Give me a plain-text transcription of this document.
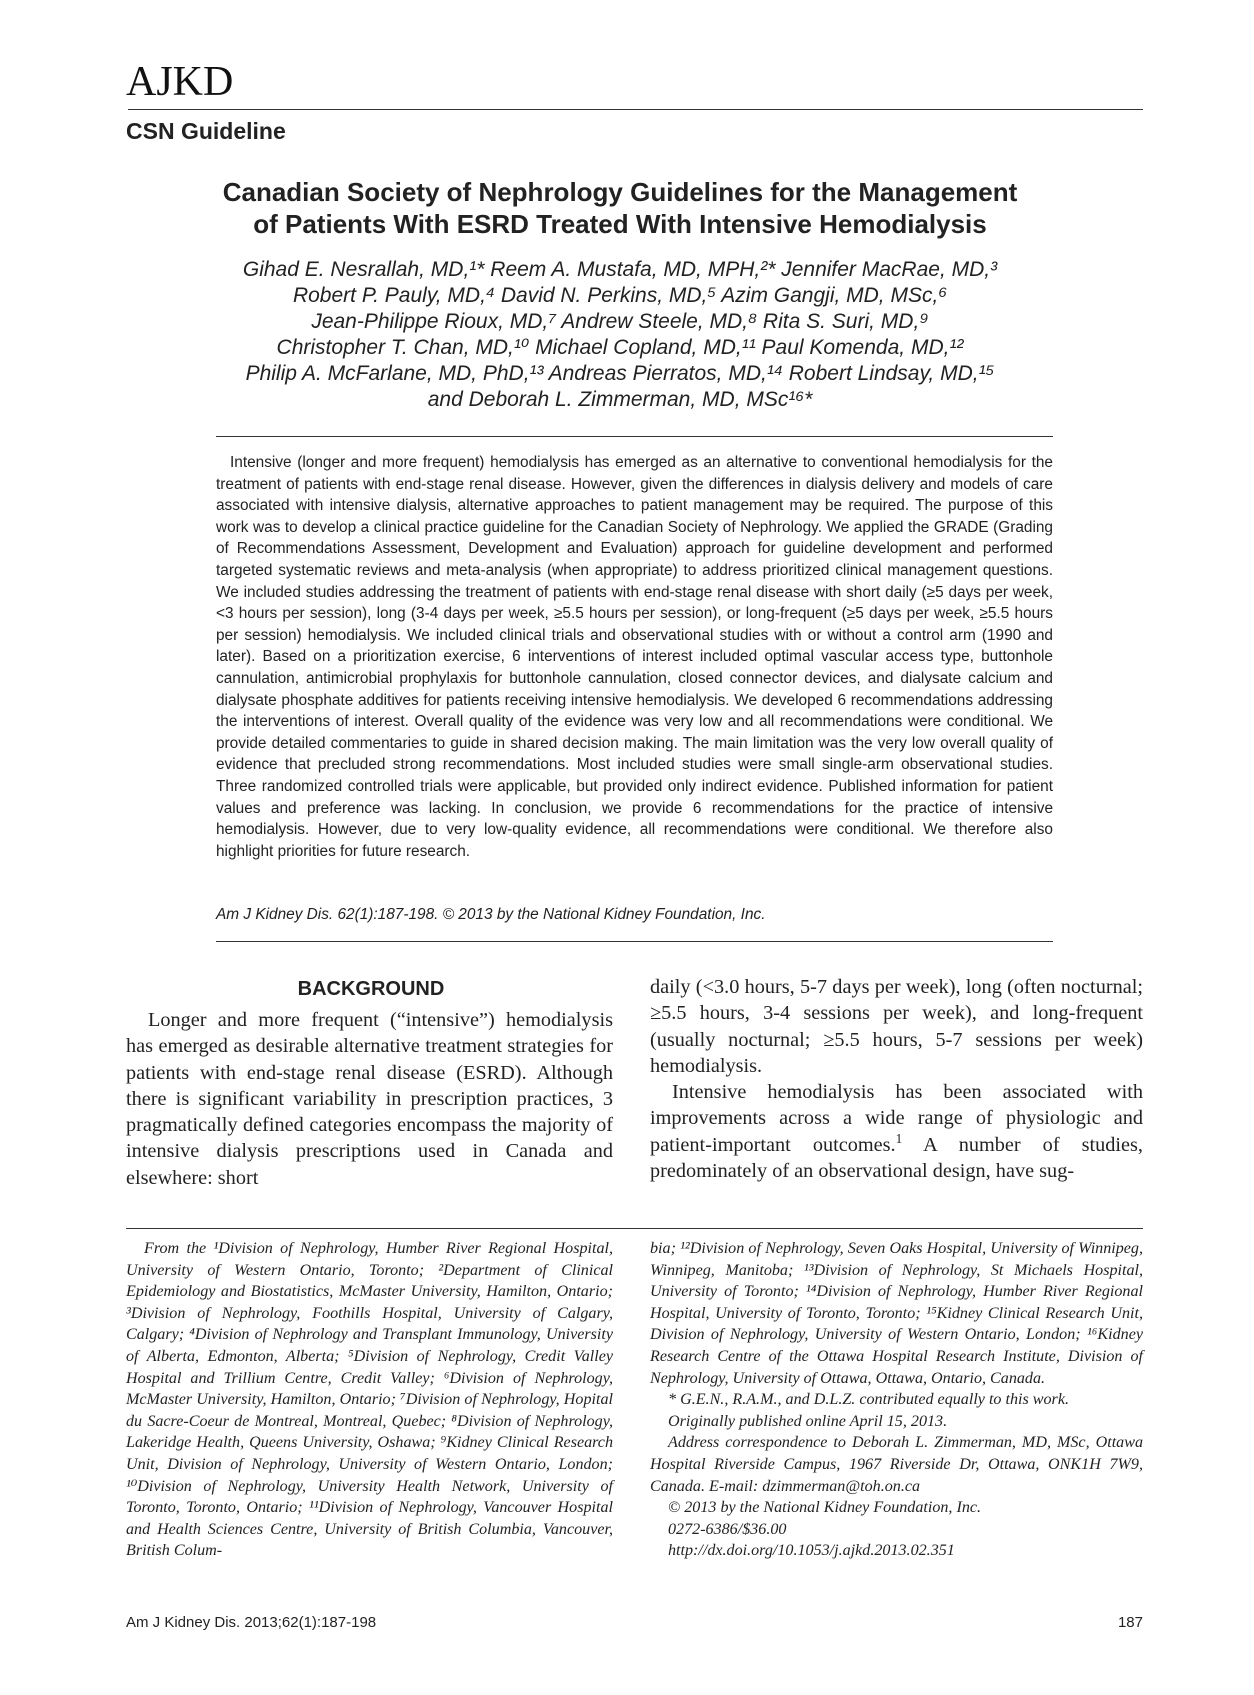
AJKD
CSN Guideline
Canadian Society of Nephrology Guidelines for the Management
of Patients With ESRD Treated With Intensive Hemodialysis
Gihad E. Nesrallah, MD,¹* Reem A. Mustafa, MD, MPH,²* Jennifer MacRae, MD,³
Robert P. Pauly, MD,⁴ David N. Perkins, MD,⁵ Azim Gangji, MD, MSc,⁶
Jean-Philippe Rioux, MD,⁷ Andrew Steele, MD,⁸ Rita S. Suri, MD,⁹
Christopher T. Chan, MD,¹⁰ Michael Copland, MD,¹¹ Paul Komenda, MD,¹²
Philip A. McFarlane, MD, PhD,¹³ Andreas Pierratos, MD,¹⁴ Robert Lindsay, MD,¹⁵
and Deborah L. Zimmerman, MD, MSc¹⁶*

Intensive (longer and more frequent) hemodialysis has emerged as an alternative to conventional hemodialysis for the treatment of patients with end-stage renal disease. However, given the differences in dialysis delivery and models of care associated with intensive dialysis, alternative approaches to patient management may be required. The purpose of this work was to develop a clinical practice guideline for the Canadian Society of Nephrology. We applied the GRADE (Grading of Recommendations Assessment, Development and Evaluation) approach for guideline development and performed targeted systematic reviews and meta-analysis (when appropriate) to address prioritized clinical management questions. We included studies addressing the treatment of patients with end-stage renal disease with short daily (≥5 days per week, <3 hours per session), long (3-4 days per week, ≥5.5 hours per session), or long-frequent (≥5 days per week, ≥5.5 hours per session) hemodialysis. We included clinical trials and observational studies with or without a control arm (1990 and later). Based on a prioritization exercise, 6 interventions of interest included optimal vascular access type, buttonhole cannulation, antimicrobial prophylaxis for buttonhole cannulation, closed connector devices, and dialysate calcium and dialysate phosphate additives for patients receiving intensive hemodialysis. We developed 6 recommendations addressing the interventions of interest. Overall quality of the evidence was very low and all recommendations were conditional. We provide detailed commentaries to guide in shared decision making. The main limitation was the very low overall quality of evidence that precluded strong recommendations. Most included studies were small single-arm observational studies. Three randomized controlled trials were applicable, but provided only indirect evidence. Published information for patient values and preference was lacking. In conclusion, we provide 6 recommendations for the practice of intensive hemodialysis. However, due to very low-quality evidence, all recommendations were conditional. We therefore also highlight priorities for future research.

Am J Kidney Dis. 62(1):187-198. © 2013 by the National Kidney Foundation, Inc.
BACKGROUND

Longer and more frequent (“intensive”) hemodialysis has emerged as desirable alternative treatment strategies for patients with end-stage renal disease (ESRD). Although there is significant variability in prescription practices, 3 pragmatically defined categories encompass the majority of intensive dialysis prescriptions used in Canada and elsewhere: short

daily (<3.0 hours, 5-7 days per week), long (often nocturnal; ≥5.5 hours, 3-4 sessions per week), and long-frequent (usually nocturnal; ≥5.5 hours, 5-7 sessions per week) hemodialysis.

Intensive hemodialysis has been associated with improvements across a wide range of physiologic and patient-important outcomes.$^1$ A number of studies, predominately of an observational design, have sug-

From the ¹Division of Nephrology, Humber River Regional Hospital, University of Western Ontario, Toronto; ²Department of Clinical Epidemiology and Biostatistics, McMaster University, Hamilton, Ontario; ³Division of Nephrology, Foothills Hospital, University of Calgary, Calgary; ⁴Division of Nephrology and Transplant Immunology, University of Alberta, Edmonton, Alberta; ⁵Division of Nephrology, Credit Valley Hospital and Trillium Centre, Credit Valley; ⁶Division of Nephrology, McMaster University, Hamilton, Ontario; ⁷Division of Nephrology, Hopital du Sacre-Coeur de Montreal, Montreal, Quebec; ⁸Division of Nephrology, Lakeridge Health, Queens University, Oshawa; ⁹Kidney Clinical Research Unit, Division of Nephrology, University of Western Ontario, London; ¹⁰Division of Nephrology, University Health Network, University of Toronto, Toronto, Ontario; ¹¹Division of Nephrology, Vancouver Hospital and Health Sciences Centre, University of British Columbia, Vancouver, British Colum-

bia; ¹²Division of Nephrology, Seven Oaks Hospital, University of Winnipeg, Winnipeg, Manitoba; ¹³Division of Nephrology, St Michaels Hospital, University of Toronto; ¹⁴Division of Nephrology, Humber River Regional Hospital, University of Toronto, Toronto; ¹⁵Kidney Clinical Research Unit, Division of Nephrology, University of Western Ontario, London; ¹⁶Kidney Research Centre of the Ottawa Hospital Research Institute, Division of Nephrology, University of Ottawa, Ottawa, Ontario, Canada.

* G.E.N., R.A.M., and D.L.Z. contributed equally to this work.

Originally published online April 15, 2013.

Address correspondence to Deborah L. Zimmerman, MD, MSc, Ottawa Hospital Riverside Campus, 1967 Riverside Dr, Ottawa, ONK1H 7W9, Canada. E-mail: dzimmerman@toh.on.ca

© 2013 by the National Kidney Foundation, Inc.

0272-6386/$36.00

http://dx.doi.org/10.1053/j.ajkd.2013.02.351

Am J Kidney Dis. 2013;62(1):187-198	187
